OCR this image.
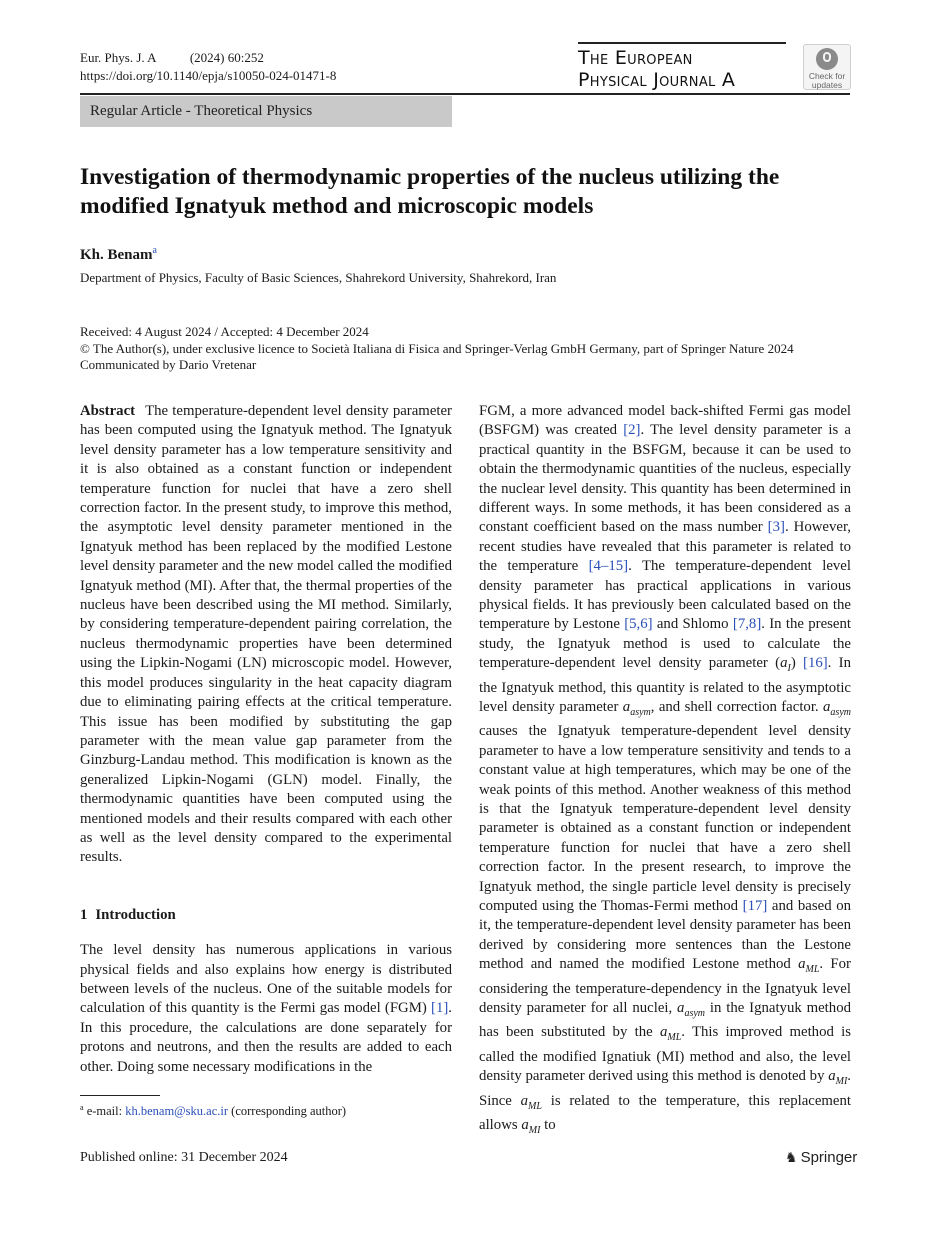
Eur. Phys. J. A	(2024) 60:252
https://doi.org/10.1140/epja/s10050-024-01471-8
The European
Physical Journal A	Check for
updates
Regular Article - Theoretical Physics
Investigation of thermodynamic properties of the nucleus utilizing the modified Ignatyuk method and microscopic models
Kh. Benam$^a$
Department of Physics, Faculty of Basic Sciences, Shahrekord University, Shahrekord, Iran
Received: 4 August 2024 / Accepted: 4 December 2024
© The Author(s), under exclusive licence to Società Italiana di Fisica and Springer-Verlag GmbH Germany, part of Springer Nature 2024
Communicated by Dario Vretenar

Abstract The temperature-dependent level density parameter has been computed using the Ignatyuk method. The Ignatyuk level density parameter has a low temperature sensitivity and it is also obtained as a constant function or independent temperature function for nuclei that have a zero shell correction factor. In the present study, to improve this method, the asymptotic level density parameter mentioned in the Ignatyuk method has been replaced by the modified Lestone level density parameter and the new model called the modified Ignatyuk method (MI). After that, the thermal properties of the nucleus have been described using the MI method. Similarly, by considering temperature-dependent pairing correlation, the nucleus thermodynamic properties have been determined using the Lipkin-Nogami (LN) microscopic model. However, this model produces singularity in the heat capacity diagram due to eliminating pairing effects at the critical temperature. This issue has been modified by substituting the gap parameter with the mean value gap parameter from the Ginzburg-Landau method. This modification is known as the generalized Lipkin-Nogami (GLN) model. Finally, the thermodynamic quantities have been computed using the mentioned models and their results compared with each other as well as the level density compared to the experimental results.

1 Introduction

The level density has numerous applications in various physical fields and also explains how energy is distributed between levels of the nucleus. One of the suitable models for calculation of this quantity is the Fermi gas model (FGM) [1]. In this procedure, the calculations are done separately for protons and neutrons, and then the results are added to each other. Doing some necessary modifications in the

FGM, a more advanced model back-shifted Fermi gas model (BSFGM) was created [2]. The level density parameter is a practical quantity in the BSFGM, because it can be used to obtain the thermodynamic quantities of the nucleus, especially the nuclear level density. This quantity has been determined in different ways. In some methods, it has been considered as a constant coefficient based on the mass number [3]. However, recent studies have revealed that this parameter is related to the temperature [4–15]. The temperature-dependent level density parameter has practical applications in various physical fields. It has previously been calculated based on the temperature by Lestone [5,6] and Shlomo [7,8]. In the present study, the Ignatyuk method is used to calculate the temperature-dependent level density parameter $(a_I)$ [16]. In the Ignatyuk method, this quantity is related to the asymptotic level density parameter $a_{asym}$, and shell correction factor. $a_{asym}$ causes the Ignatyuk temperature-dependent level density parameter to have a low temperature sensitivity and tends to a constant value at high temperatures, which may be one of the weak points of this method. Another weakness of this method is that the Ignatyuk temperature-dependent level density parameter is obtained as a constant function or independent temperature function for nuclei that have a zero shell correction factor. In the present research, to improve the Ignatyuk method, the single particle level density is precisely computed using the Thomas-Fermi method [17] and based on it, the temperature-dependent level density parameter has been derived by considering more sentences than the Lestone method and named the modified Lestone method $a_{ML}$. For considering the temperature-dependency in the Ignatyuk level density parameter for all nuclei, $a_{asym}$ in the Ignatyuk method has been substituted by the $a_{ML}$. This improved method is called the modified Ignatiuk (MI) method and also, the level density parameter derived using this method is denoted by $a_{MI}$. Since $a_{ML}$ is related to the temperature, this replacement allows $a_{MI}$ to

$^a$ e-mail: kh.benam@sku.ac.ir (corresponding author)
Published online: 31 December 2024	♞ Springer
